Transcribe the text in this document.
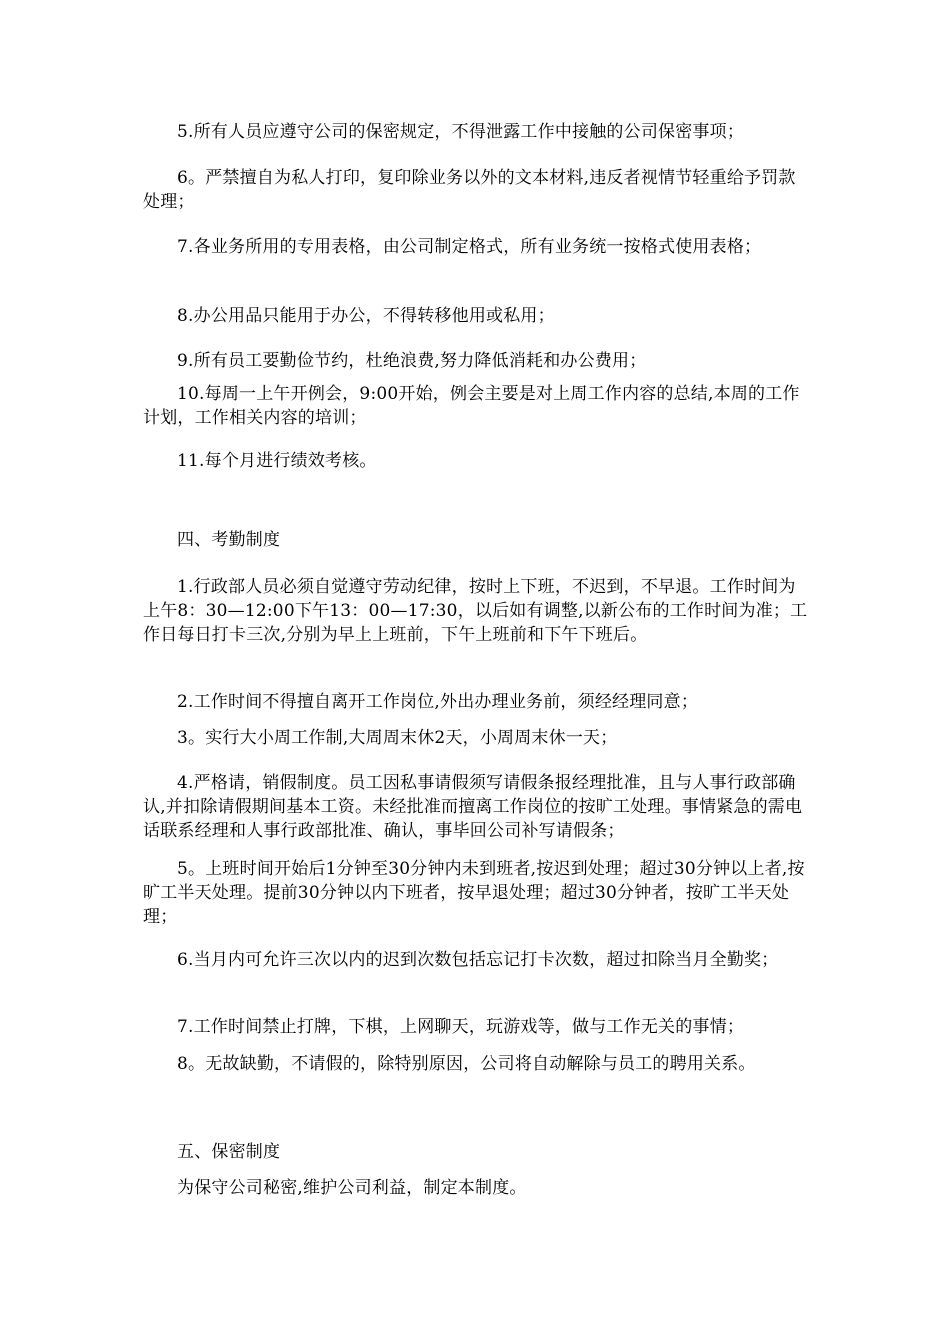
5.所有人员应遵守公司的保密规定，不得泄露工作中接触的公司保密事项；

6。严禁擅自为私人打印，复印除业务以外的文本材料,违反者视情节轻重给予罚款处理；

7.各业务所用的专用表格，由公司制定格式，所有业务统一按格式使用表格；

8.办公用品只能用于办公，不得转移他用或私用；

9.所有员工要勤俭节约，杜绝浪费,努力降低消耗和办公费用；

10.每周一上午开例会，9:00开始，例会主要是对上周工作内容的总结,本周的工作计划，工作相关内容的培训；

11.每个月进行绩效考核。

四、考勤制度

1.行政部人员必须自觉遵守劳动纪律，按时上下班，不迟到，不早退。工作时间为上午8：30—12:00下午13：00—17:30，以后如有调整,以新公布的工作时间为准；工作日每日打卡三次,分别为早上上班前，下午上班前和下午下班后。

2.工作时间不得擅自离开工作岗位,外出办理业务前，须经经理同意；

3。实行大小周工作制,大周周末休2天，小周周末休一天；

4.严格请，销假制度。员工因私事请假须写请假条报经理批准，且与人事行政部确认,并扣除请假期间基本工资。未经批准而擅离工作岗位的按旷工处理。事情紧急的需电话联系经理和人事行政部批准、确认，事毕回公司补写请假条；

5。上班时间开始后1分钟至30分钟内未到班者,按迟到处理；超过30分钟以上者,按旷工半天处理。提前30分钟以内下班者，按早退处理；超过30分钟者，按旷工半天处理；

6.当月内可允许三次以内的迟到次数包括忘记打卡次数，超过扣除当月全勤奖；

7.工作时间禁止打牌，下棋，上网聊天，玩游戏等，做与工作无关的事情；

8。无故缺勤，不请假的，除特别原因，公司将自动解除与员工的聘用关系。

五、保密制度

为保守公司秘密,维护公司利益，制定本制度。
